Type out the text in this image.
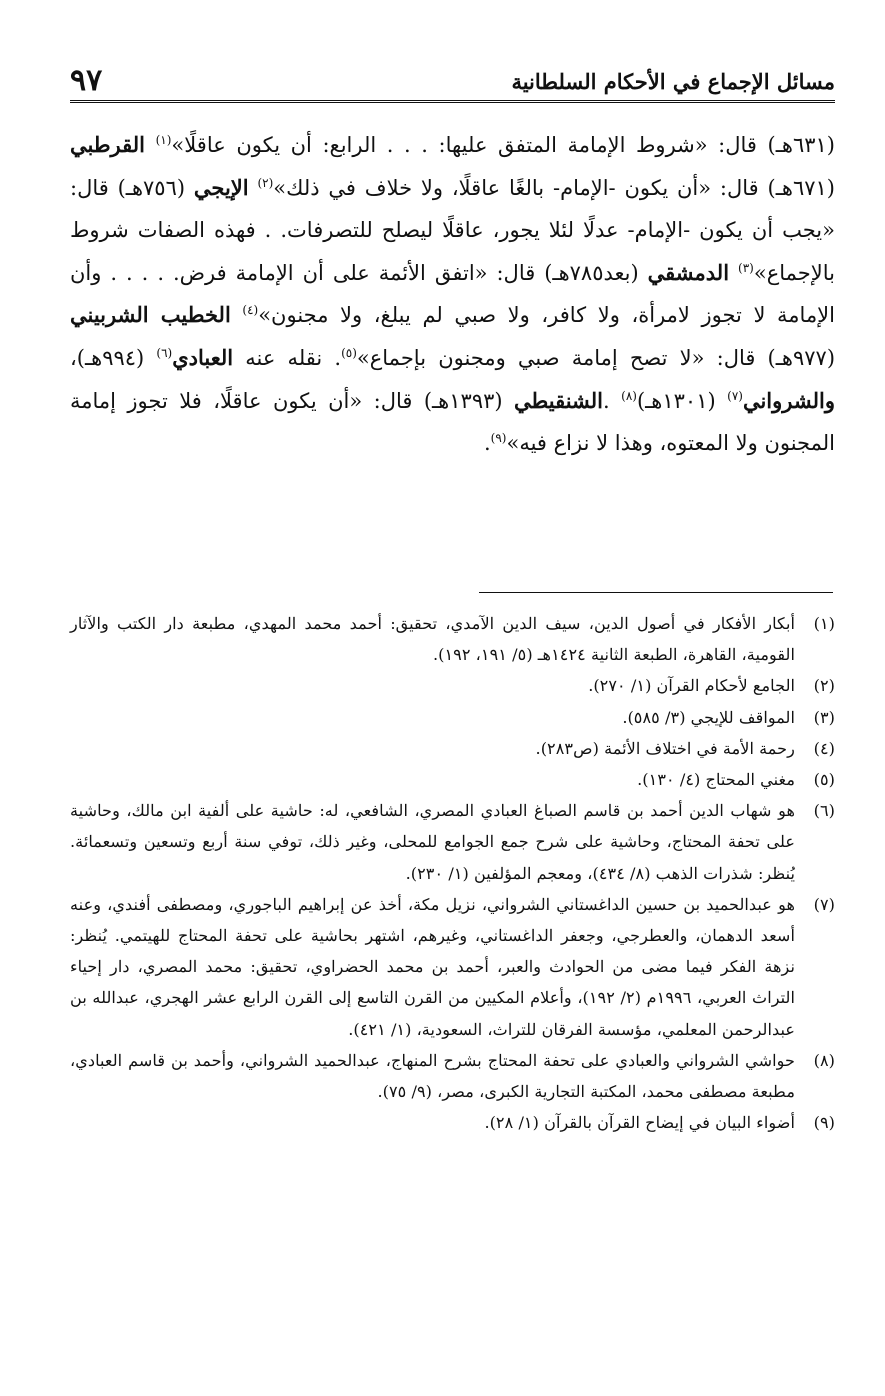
مسائل الإجماع في الأحكام السلطانية
٩٧

(٦٣١هـ) قال: «شروط الإمامة المتفق عليها: . . . الرابع: أن يكون عاقلًا»$^{(١)}$ القرطبي (٦٧١هـ) قال: «أن يكون -الإمام- بالغًا عاقلًا، ولا خلاف في ذلك»$^{(٢)}$ الإيجي (٧٥٦هـ) قال: «يجب أن يكون -الإمام- عدلًا لئلا يجور، عاقلًا ليصلح للتصرفات. . فهذه الصفات شروط بالإجماع»$^{(٣)}$ الدمشقي (بعد٧٨٥هـ) قال: «اتفق الأئمة على أن الإمامة فرض. . . . . وأن الإمامة لا تجوز لامرأة، ولا كافر، ولا صبي لم يبلغ، ولا مجنون»$^{(٤)}$ الخطيب الشربيني (٩٧٧هـ) قال: «لا تصح إمامة صبي ومجنون بإجماع»$^{(٥)}$. نقله عنه العبادي$^{(٦)}$ (٩٩٤هـ)، والشرواني$^{(٧)}$ (١٣٠١هـ)$^{(٨)}$ .الشنقيطي (١٣٩٣هـ) قال: «أن يكون عاقلًا، فلا تجوز إمامة المجنون ولا المعتوه، وهذا لا نزاع فيه»$^{(٩)}$.

(١)
أبكار الأفكار في أصول الدين، سيف الدين الآمدي، تحقيق: أحمد محمد المهدي، مطبعة دار الكتب والآثار القومية، القاهرة، الطبعة الثانية ١٤٢٤هـ (٥/ ١٩١، ١٩٢).
(٢)
الجامع لأحكام القرآن (١/ ٢٧٠).
(٣)
المواقف للإيجي (٣/ ٥٨٥).
(٤)
رحمة الأمة في اختلاف الأئمة (ص٢٨٣).
(٥)
مغني المحتاج (٤/ ١٣٠).
(٦)
هو شهاب الدين أحمد بن قاسم الصباغ العبادي المصري، الشافعي، له: حاشية على ألفية ابن مالك، وحاشية على تحفة المحتاج، وحاشية على شرح جمع الجوامع للمحلى، وغير ذلك، توفي سنة أربع وتسعين وتسعمائة. يُنظر: شذرات الذهب (٨/ ٤٣٤)، ومعجم المؤلفين (١/ ٢٣٠).
(٧)
هو عبدالحميد بن حسين الداغستاني الشرواني، نزيل مكة، أخذ عن إبراهيم الباجوري، ومصطفى أفندي، وعنه أسعد الدهمان، والعطرجي، وجعفر الداغستاني، وغيرهم، اشتهر بحاشية على تحفة المحتاج للهيتمي. يُنظر: نزهة الفكر فيما مضى من الحوادث والعبر، أحمد بن محمد الحضراوي، تحقيق: محمد المصري، دار إحياء التراث العربي، ١٩٩٦م (٢/ ١٩٢)، وأعلام المكيين من القرن التاسع إلى القرن الرابع عشر الهجري، عبدالله بن عبدالرحمن المعلمي، مؤسسة الفرقان للتراث، السعودية، (١/ ٤٢١).
(٨)
حواشي الشرواني والعبادي على تحفة المحتاج بشرح المنهاج، عبدالحميد الشرواني، وأحمد بن قاسم العبادي، مطبعة مصطفى محمد، المكتبة التجارية الكبرى، مصر، (٩/ ٧٥).
(٩)
أضواء البيان في إيضاح القرآن بالقرآن (١/ ٢٨).
